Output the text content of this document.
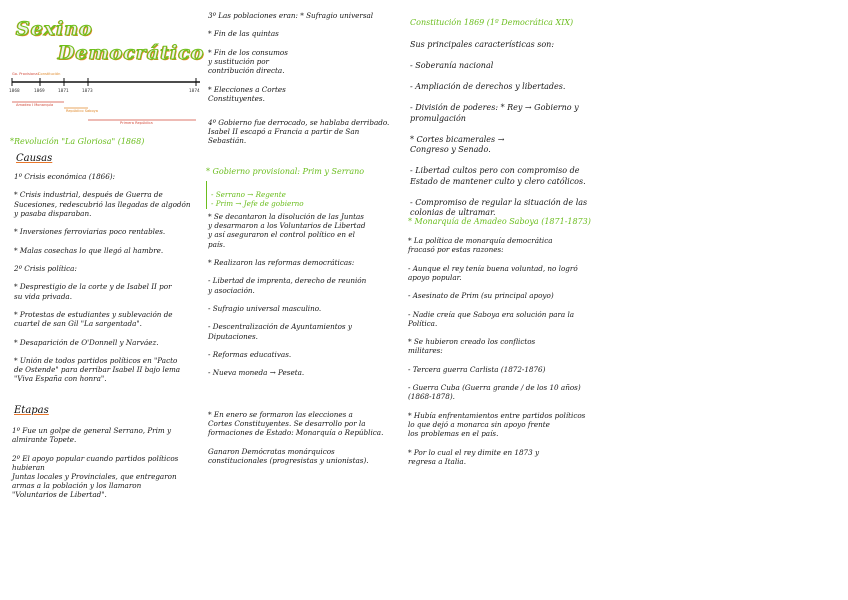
Sexino
Democrático
Go. Provisional Constitución
1868	1869	1871	1873	1874
Amadeo I Monarquía
Repúblico Saboya
Primera República
*Revolución "La Gloriosa" (1868)
Causas
1º Crisis económica (1866):

* Crisis industrial, después de Guerra de
Sucesiones, redescubrió las llegadas de algodón
y pasaba disparaban.

* Inversiones ferroviarias poco rentables.

* Malas cosechas lo que llegó al hambre.

2º Crisis política:

* Desprestigio de la corte y de Isabel II por
su vida privada.

* Protestas de estudiantes y sublevación de
cuartel de san Gil "La sargentada".

* Desaparición de O'Donnell y Narváez.

* Unión de todos partidos políticos en "Pacto
de Ostende" para derribar Isabel II bajo lema
"Viva España con honra".
Etapas
1º Fue un golpe de general Serrano, Prim y
almirante Topete.

2º El apoyo popular cuando partidos políticos hubieran
Juntas locales y Provinciales, que entregaron
armas a la población y los llamaron
"Voluntarios de Libertad".
3º Las poblaciones eran: * Sufragio universal

* Fin de las quintas

* Fin de los consumos
y sustitución por
contribución directa.

* Elecciones a Cortes
Constituyentes.
4º Gobierno fue derrocado, se hablaba derribado.
Isabel II escapó a Francia a partir de San
Sebastián.
* Gobierno provisional: Prim y Serrano

- Serrano → Regente
- Prim → Jefe de gobierno

* Se decantaron la disolución de las Juntas
y desarmaron a los Voluntarios de Libertad
y así aseguraron el control político en el
país.

* Realizaron las reformas democráticas:

- Libertad de imprenta, derecho de reunión
y asociación.

- Sufragio universal masculino.

- Descentralización de Ayuntamientos y
Diputaciones.

- Reformas educativas.

- Nueva moneda → Peseta.
* En enero se formaron las elecciones a
Cortes Constituyentes. Se desarrollo por la
formaciones de Estado: Monarquía o República.

Ganaron Demócratas monárquicos
constitucionales (progresistas y unionistas).
Constitución 1869 (1º Democrática XIX)
Sus principales características son:

- Soberanía nacional

- Ampliación de derechos y libertades.

- División de poderes: * Rey → Gobierno y
promulgación

* Cortes bicamerales →
Congreso y Senado.

- Libertad cultos pero con compromiso de
Estado de mantener culto y clero católicos.

- Compromiso de regular la situación de las
colonias de ultramar.
* Monarquía de Amadeo Saboya (1871-1873)
* La política de monarquía democrática
fracasó por estas razones:

- Aunque el rey tenía buena voluntad, no logró
apoyo popular.

- Asesinato de Prim (su principal apoyo)

- Nadie creía que Saboya era solución para la
Política.

* Se hubieron creado los conflictos
militares:

- Tercera guerra Carlista (1872-1876)

- Guerra Cuba (Guerra grande / de los 10 años)
(1868-1878).

* Hubía enfrentamientos entre partidos políticos
lo que dejó a monarca sin apoyo frente
los problemas en el país.

* Por lo cual el rey dimite en 1873 y
regresa a Italia.
